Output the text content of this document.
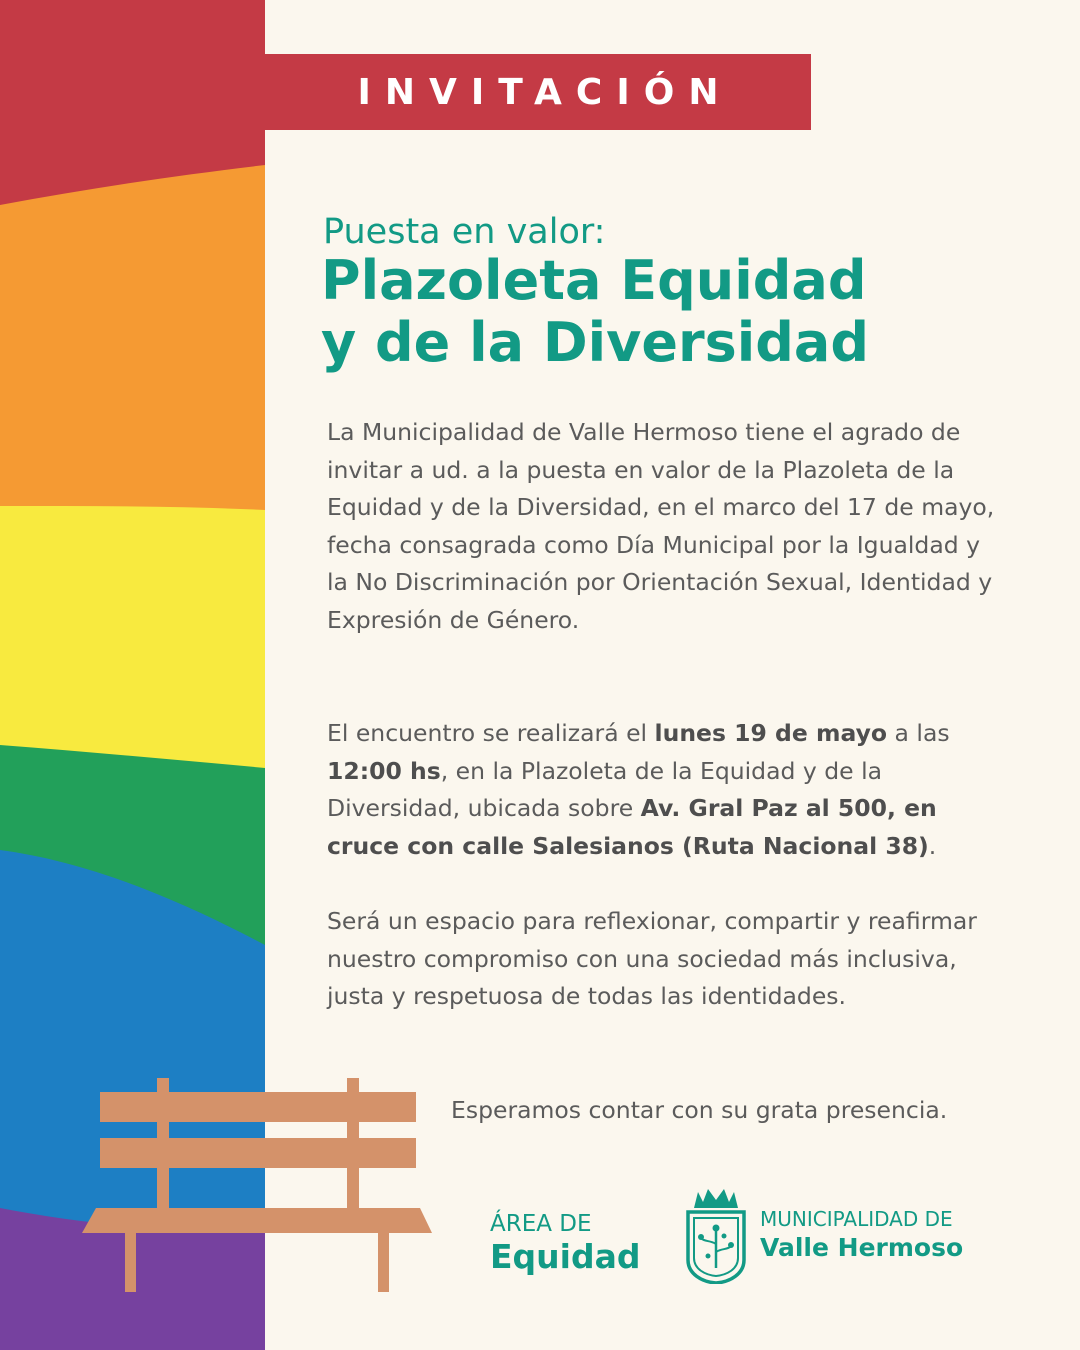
INVITACIÓN
Puesta en valor:
Plazoleta Equidad
y de la Diversidad
La Municipalidad de Valle Hermoso tiene el agrado de invitar a ud. a la puesta en valor de la Plazoleta de la Equidad y de la Diversidad, en el marco del 17 de mayo, fecha consagrada como Día Municipal por la Igualdad y la No Discriminación por Orientación Sexual, Identidad y Expresión de Género.
El encuentro se realizará el lunes 19 de mayo a las 12:00 hs, en la Plazoleta de la Equidad y de la Diversidad, ubicada sobre Av. Gral Paz al 500, en cruce con calle Salesianos (Ruta Nacional 38).
Será un espacio para reflexionar, compartir y reafirmar nuestro compromiso con una sociedad más inclusiva, justa y respetuosa de todas las identidades.
Esperamos contar con su grata presencia.
ÁREA DE
Equidad
MUNICIPALIDAD DE
Valle Hermoso
